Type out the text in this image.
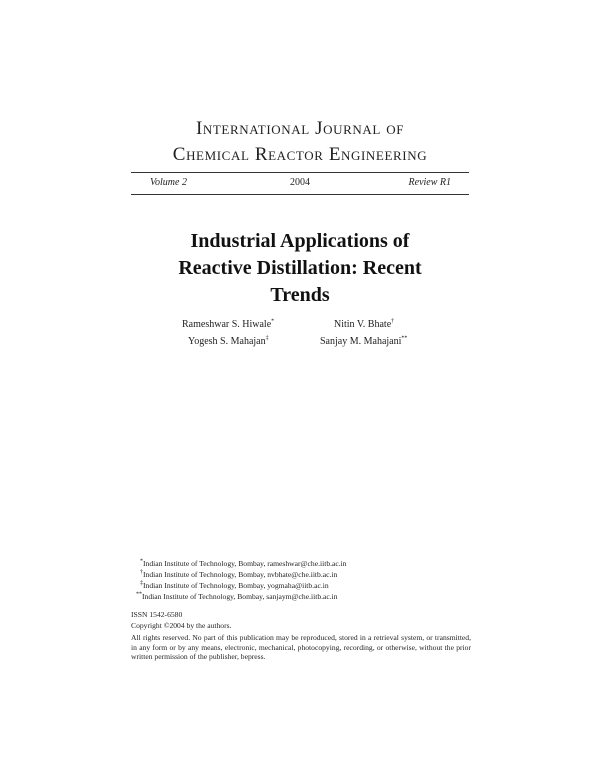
International Journal of
Chemical Reactor Engineering
Volume 2	2004	Review R1
Industrial Applications of
Reactive Distillation: Recent
Trends
Rameshwar S. Hiwale*	Nitin V. Bhate†
Yogesh S. Mahajan‡	Sanjay M. Mahajani**
*Indian Institute of Technology, Bombay, rameshwar@che.iitb.ac.in
†Indian Institute of Technology, Bombay, nvbhate@che.iitb.ac.in
‡Indian Institute of Technology, Bombay, yogmaha@iitb.ac.in
**Indian Institute of Technology, Bombay, sanjaym@che.iitb.ac.in
ISSN 1542-6580
Copyright ©2004 by the authors.
All rights reserved. No part of this publication may be reproduced, stored in a retrieval system, or transmitted, in any form or by any means, electronic, mechanical, photocopying, recording, or otherwise, without the prior written permission of the publisher, bepress.
